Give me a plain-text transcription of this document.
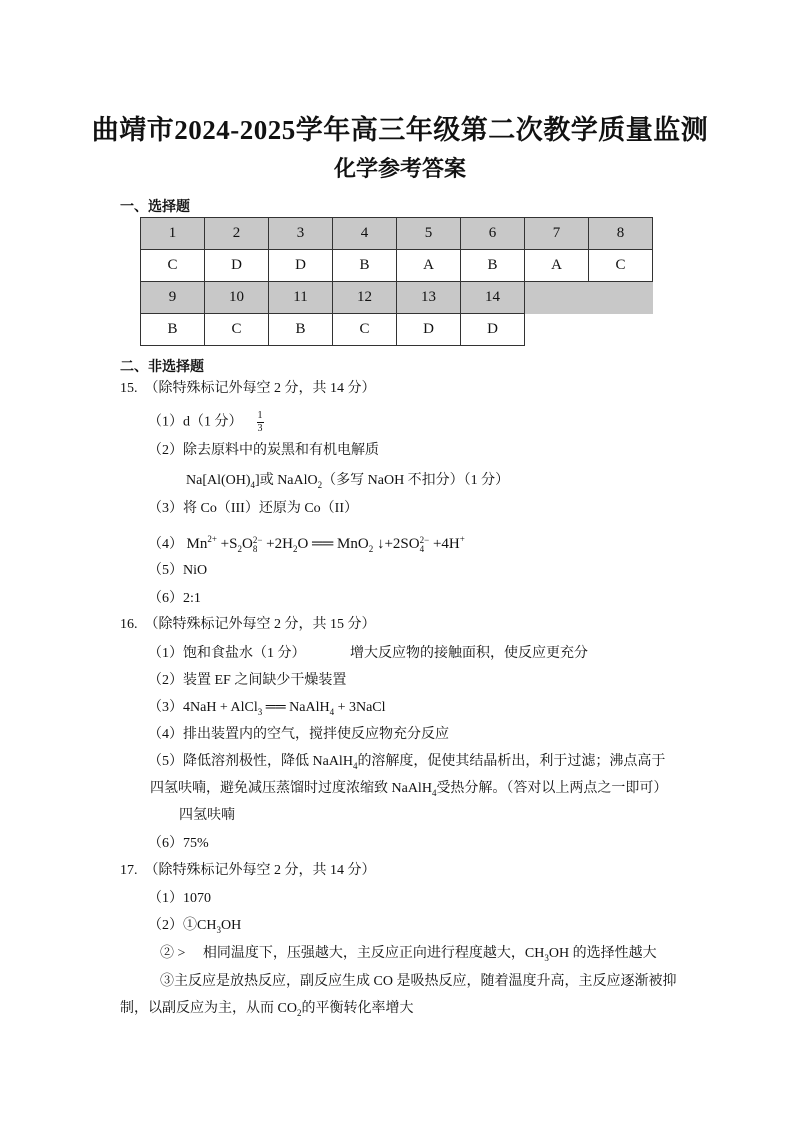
曲靖市2024-2025学年高三年级第二次教学质量监测
化学参考答案
一、选择题
1	2	3	4	5	6	7	8
C	D	D	B	A	B	A	C
9	10	11	12	13	14		
B	C	B	C	D	D		
二、非选择题
15.　（除特殊标记外每空 2 分，共 14 分）
（1）d（1 分） $\frac{1}{3}$
（2）除去原料中的炭黑和有机电解质
$Na[Al(OH)_4]$或 NaAlO$_2$（多写 NaOH 不扣分）（1 分）
（3）将 Co（III）还原为 Co（II）
（4） $Mn^{2+} +S_2O$ 2−
$8 +2H_2O$ ══ MnO$_2$ ↓+2SO 2−
4 +4H+
（5）NiO
（6）2:1
16.　（除特殊标记外每空 2 分，共 15 分）
（1）饱和食盐水（1 分）	增大反应物的接触面积，使反应更充分
（2）装置 EF 之间缺少干燥装置
（3）4NaH + AlCl$_3$ ══ NaAlH$_4$ + 3NaCl
（4）排出装置内的空气，搅拌使反应物充分反应
（5）降低溶剂极性，降低 NaAlH$_4$的溶解度，促使其结晶析出，利于过滤；沸点高于
四氢呋喃，避免减压蒸馏时过度浓缩致 NaAlH$_4$受热分解。（答对以上两点之一即可）
四氢呋喃
（6）75%
17.　（除特殊标记外每空 2 分，共 14 分）
（1）1070
$(2)①CH_3OH$
② >　 相同温度下，压强越大，主反应正向进行程度越大，$CH_3OH$ 的选择性越大
③主反应是放热反应，副反应生成 CO 是吸热反应，随着温度升高，主反应逐渐被抑
制，以副反应为主，从而 $CO_2$的平衡转化率增大
